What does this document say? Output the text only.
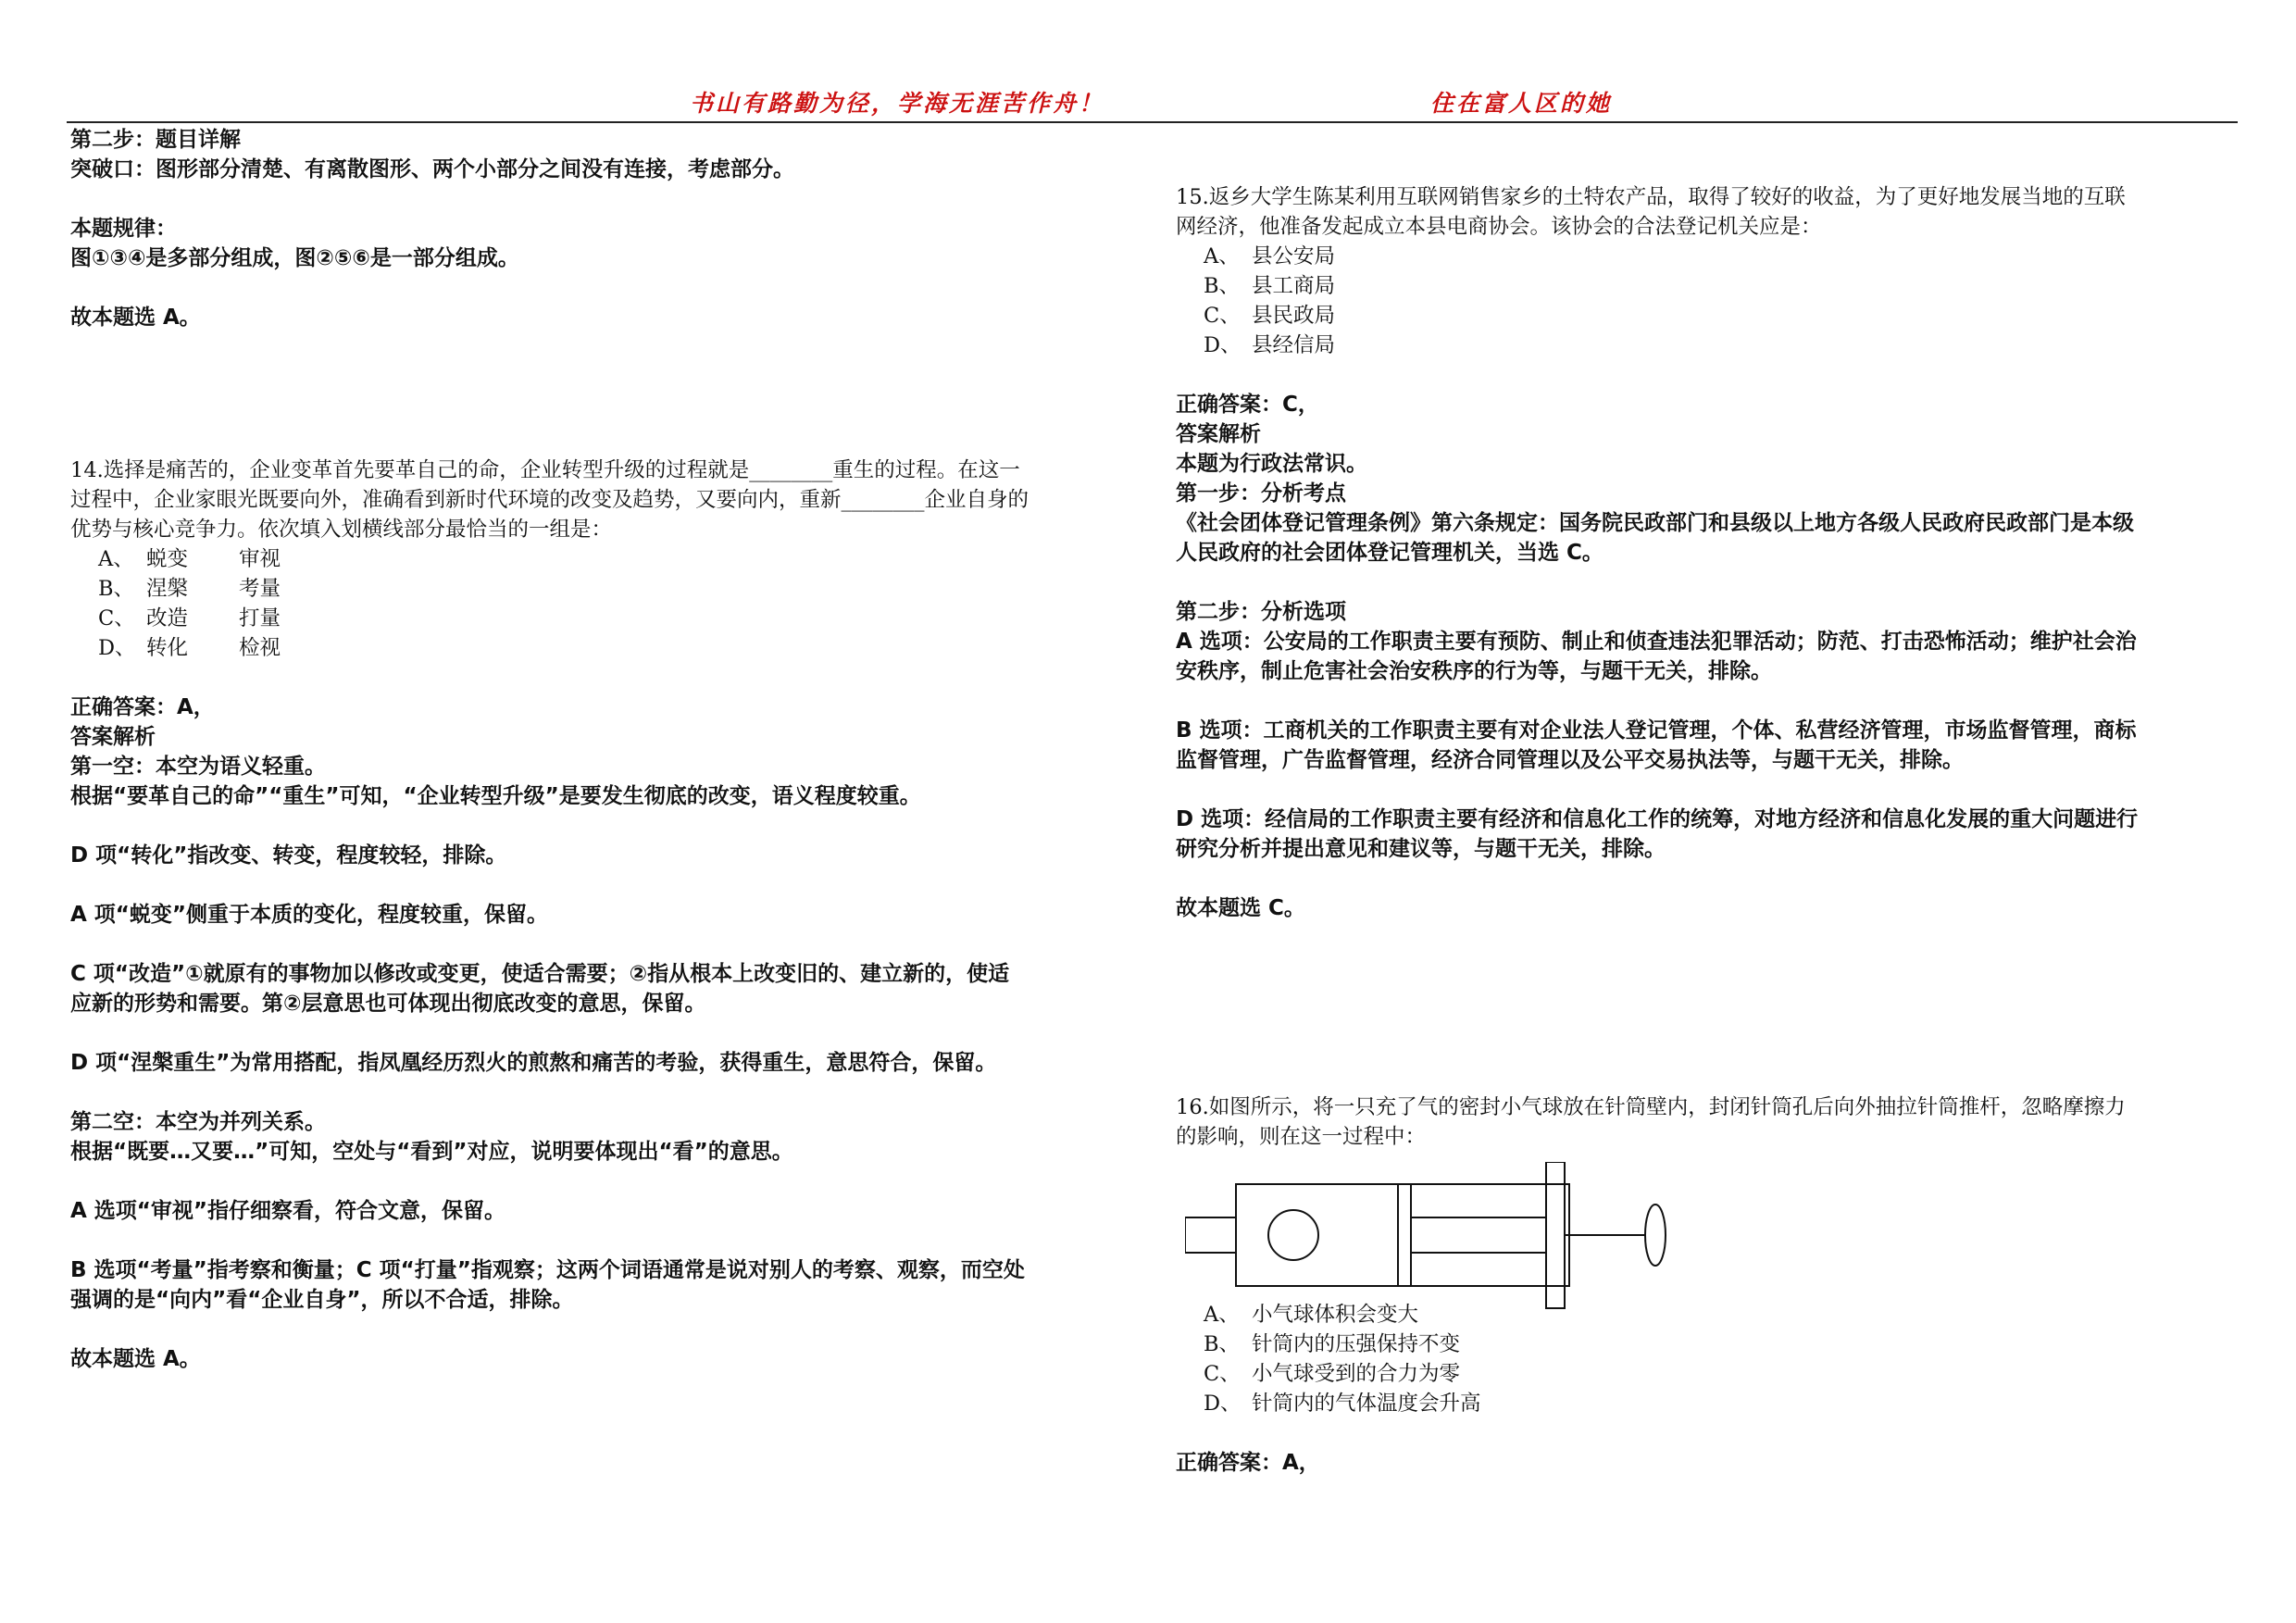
书山有路勤为径，学海无涯苦作舟！	住在富人区的她
第二步：题目详解
突破口：图形部分清楚、有离散图形、两个小部分之间没有连接，考虑部分。
本题规律：
图①③④是多部分组成，图②⑤⑥是一部分组成。
故本题选 A。
14.选择是痛苦的，企业变革首先要革自己的命，企业转型升级的过程就是________重生的过程。在这一
过程中，企业家眼光既要向外，准确看到新时代环境的改变及趋势，又要向内，重新________企业自身的
优势与核心竞争力。依次填入划横线部分最恰当的一组是：
A、 蜕变 审视
B、 涅槃 考量
C、 改造 打量
D、 转化 检视
正确答案：A，
答案解析
第一空：本空为语义轻重。
根据“要革自己的命”“重生”可知，“企业转型升级”是要发生彻底的改变，语义程度较重。
D 项“转化”指改变、转变，程度较轻，排除。
A 项“蜕变”侧重于本质的变化，程度较重，保留。
C 项“改造”①就原有的事物加以修改或变更，使适合需要；②指从根本上改变旧的、建立新的，使适
应新的形势和需要。第②层意思也可体现出彻底改变的意思，保留。
D 项“涅槃重生”为常用搭配，指凤凰经历烈火的煎熬和痛苦的考验，获得重生，意思符合，保留。
第二空：本空为并列关系。
根据“既要…又要…”可知，空处与“看到”对应，说明要体现出“看”的意思。
A 选项“审视”指仔细察看，符合文意，保留。
B 选项“考量”指考察和衡量；C 项“打量”指观察；这两个词语通常是说对别人的考察、观察，而空处
强调的是“向内”看“企业自身”，所以不合适，排除。
故本题选 A。
15.返乡大学生陈某利用互联网销售家乡的土特农产品，取得了较好的收益，为了更好地发展当地的互联
网经济，他准备发起成立本县电商协会。该协会的合法登记机关应是：
A、 县公安局
B、 县工商局
C、 县民政局
D、 县经信局
正确答案：C，
答案解析
本题为行政法常识。
第一步：分析考点
《社会团体登记管理条例》第六条规定：国务院民政部门和县级以上地方各级人民政府民政部门是本级
人民政府的社会团体登记管理机关，当选 C。
第二步：分析选项
A 选项：公安局的工作职责主要有预防、制止和侦查违法犯罪活动；防范、打击恐怖活动；维护社会治
安秩序，制止危害社会治安秩序的行为等，与题干无关，排除。
B 选项：工商机关的工作职责主要有对企业法人登记管理，个体、私营经济管理，市场监督管理，商标
监督管理，广告监督管理，经济合同管理以及公平交易执法等，与题干无关，排除。
D 选项：经信局的工作职责主要有经济和信息化工作的统筹，对地方经济和信息化发展的重大问题进行
研究分析并提出意见和建议等，与题干无关，排除。
故本题选 C。
16.如图所示，将一只充了气的密封小气球放在针筒壁内，封闭针筒孔后向外抽拉针筒推杆，忽略摩擦力
的影响，则在这一过程中：
A、 小气球体积会变大
B、 针筒内的压强保持不变
C、 小气球受到的合力为零
D、 针筒内的气体温度会升高
正确答案：A，
